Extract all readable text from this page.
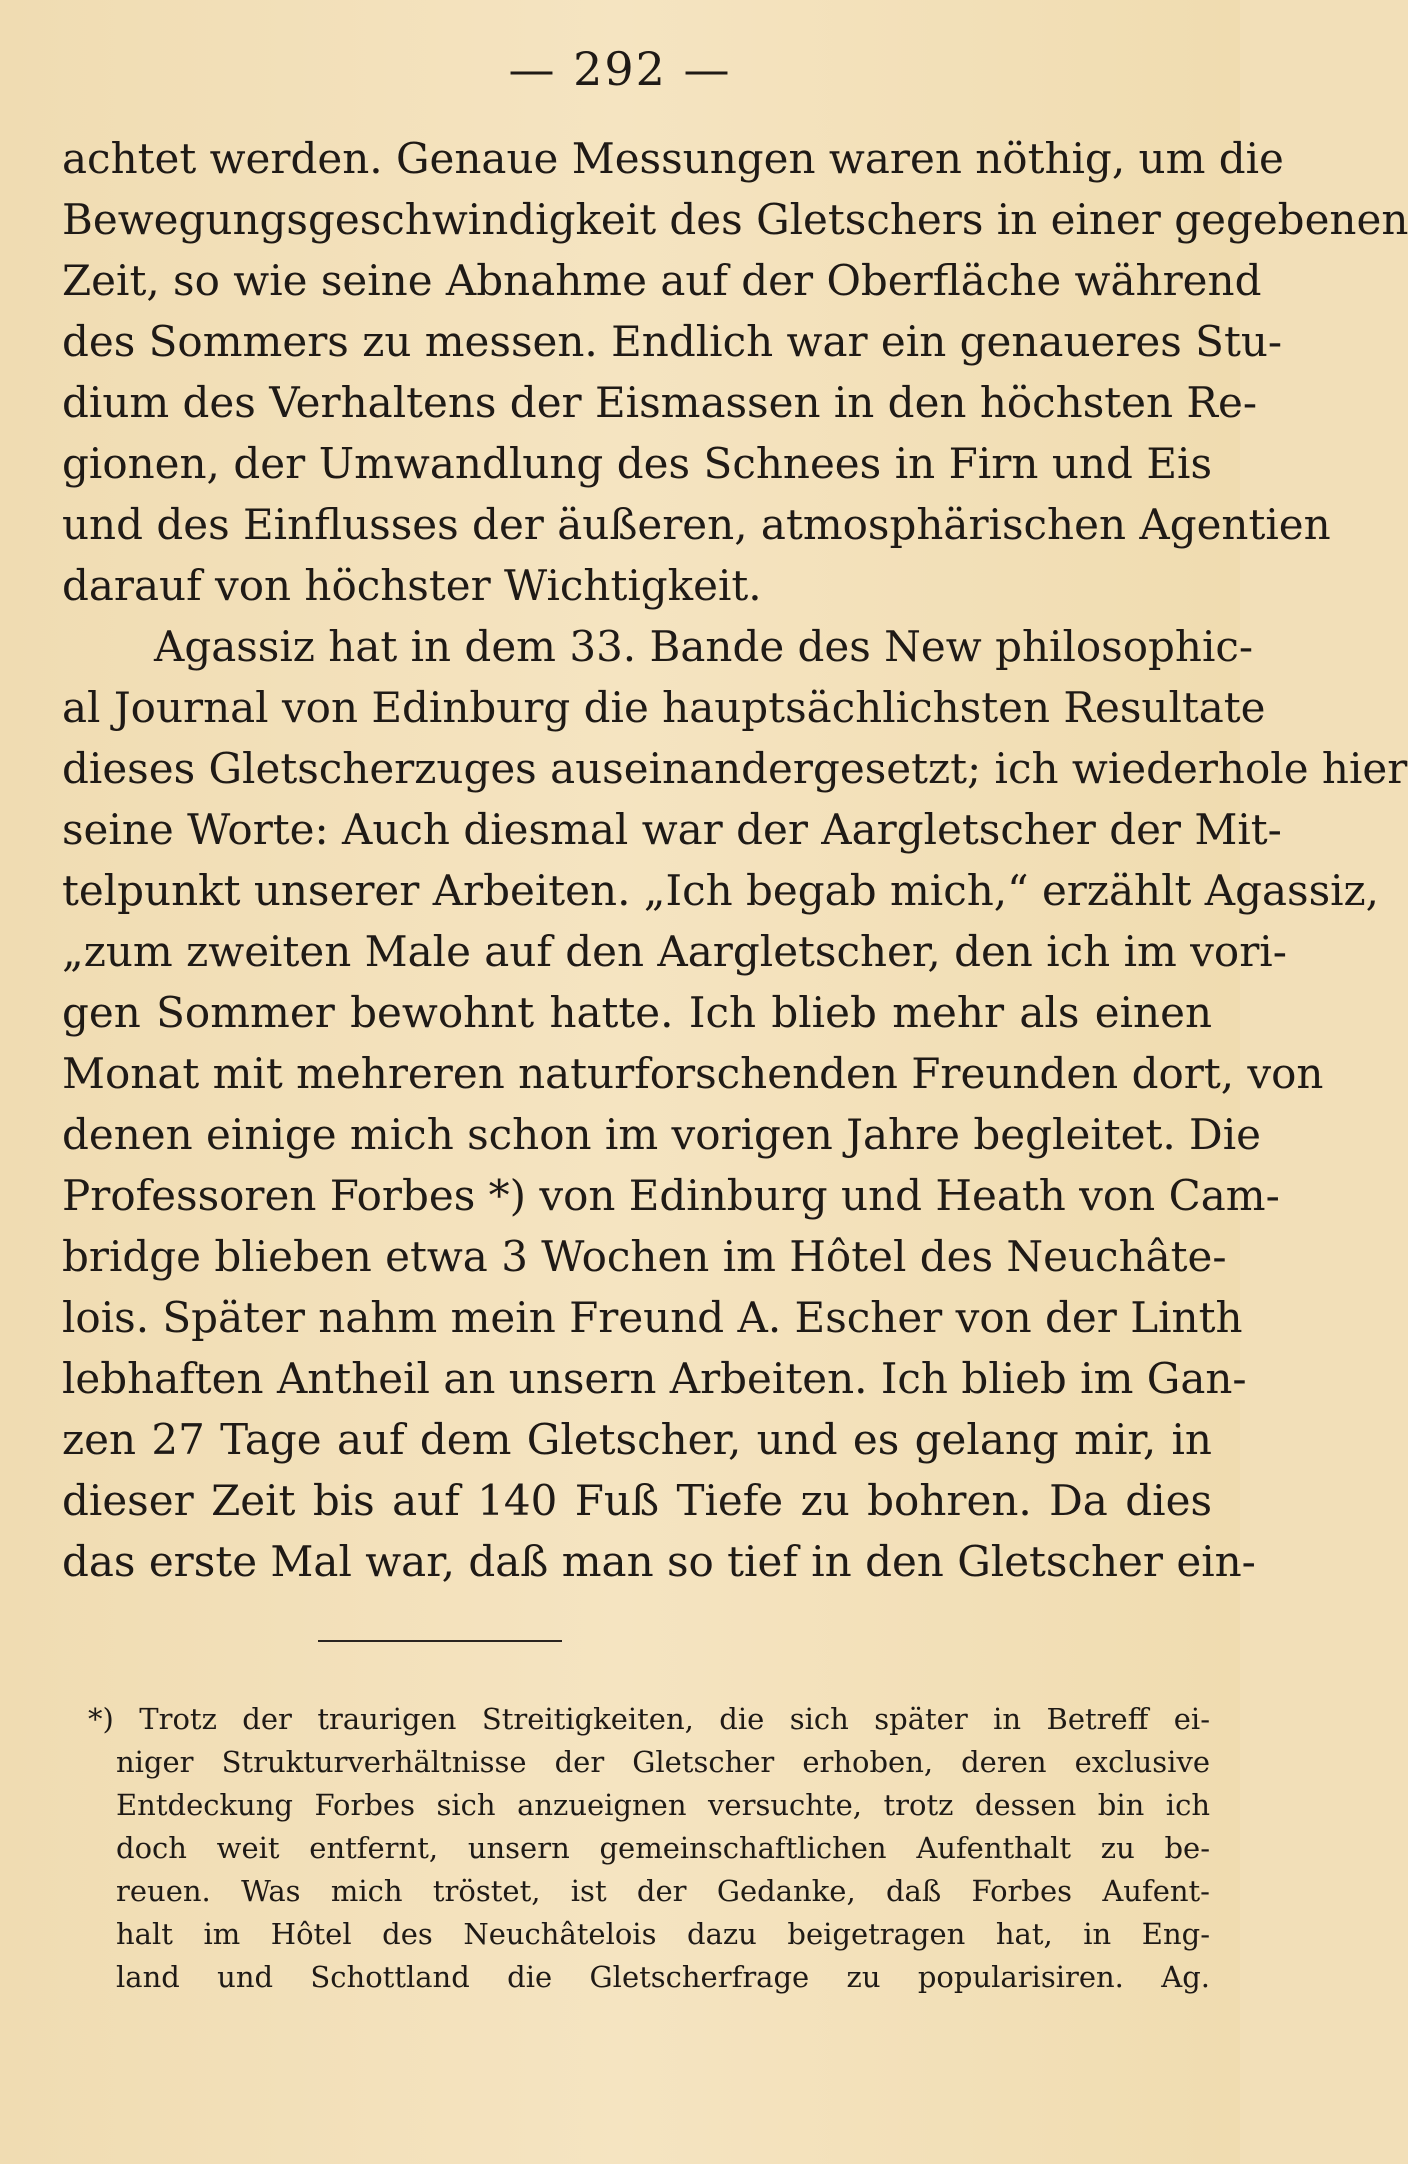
— 292 —
achtet werden. Genaue Messungen waren nöthig, um die
Bewegungsgeschwindigkeit des Gletschers in einer gegebenen
Zeit, so wie seine Abnahme auf der Oberfläche während
des Sommers zu messen. Endlich war ein genaueres Stu-
dium des Verhaltens der Eismassen in den höchsten Re-
gionen, der Umwandlung des Schnees in Firn und Eis
und des Einflusses der äußeren, atmosphärischen Agentien
darauf von höchster Wichtigkeit.
Agassiz hat in dem 33. Bande des New philosophic-
al Journal von Edinburg die hauptsächlichsten Resultate
dieses Gletscherzuges auseinandergesetzt; ich wiederhole hier
seine Worte: Auch diesmal war der Aargletscher der Mit-
telpunkt unserer Arbeiten. „Ich begab mich,“ erzählt Agassiz,
„zum zweiten Male auf den Aargletscher, den ich im vori-
gen Sommer bewohnt hatte. Ich blieb mehr als einen
Monat mit mehreren naturforschenden Freunden dort, von
denen einige mich schon im vorigen Jahre begleitet. Die
Professoren Forbes *) von Edinburg und Heath von Cam-
bridge blieben etwa 3 Wochen im Hôtel des Neuchâte-
lois. Später nahm mein Freund A. Escher von der Linth
lebhaften Antheil an unsern Arbeiten. Ich blieb im Gan-
zen 27 Tage auf dem Gletscher, und es gelang mir, in
dieser Zeit bis auf 140 Fuß Tiefe zu bohren. Da dies
das erste Mal war, daß man so tief in den Gletscher ein-
*) Trotz der traurigen Streitigkeiten, die sich später in Betreff ei-
niger Strukturverhältnisse der Gletscher erhoben, deren exclusive
Entdeckung Forbes sich anzueignen versuchte, trotz dessen bin ich
doch weit entfernt, unsern gemeinschaftlichen Aufenthalt zu be-
reuen. Was mich tröstet, ist der Gedanke, daß Forbes Aufent-
halt im Hôtel des Neuchâtelois dazu beigetragen hat, in Eng-
land und Schottland die Gletscherfrage zu popularisiren. Ag.
